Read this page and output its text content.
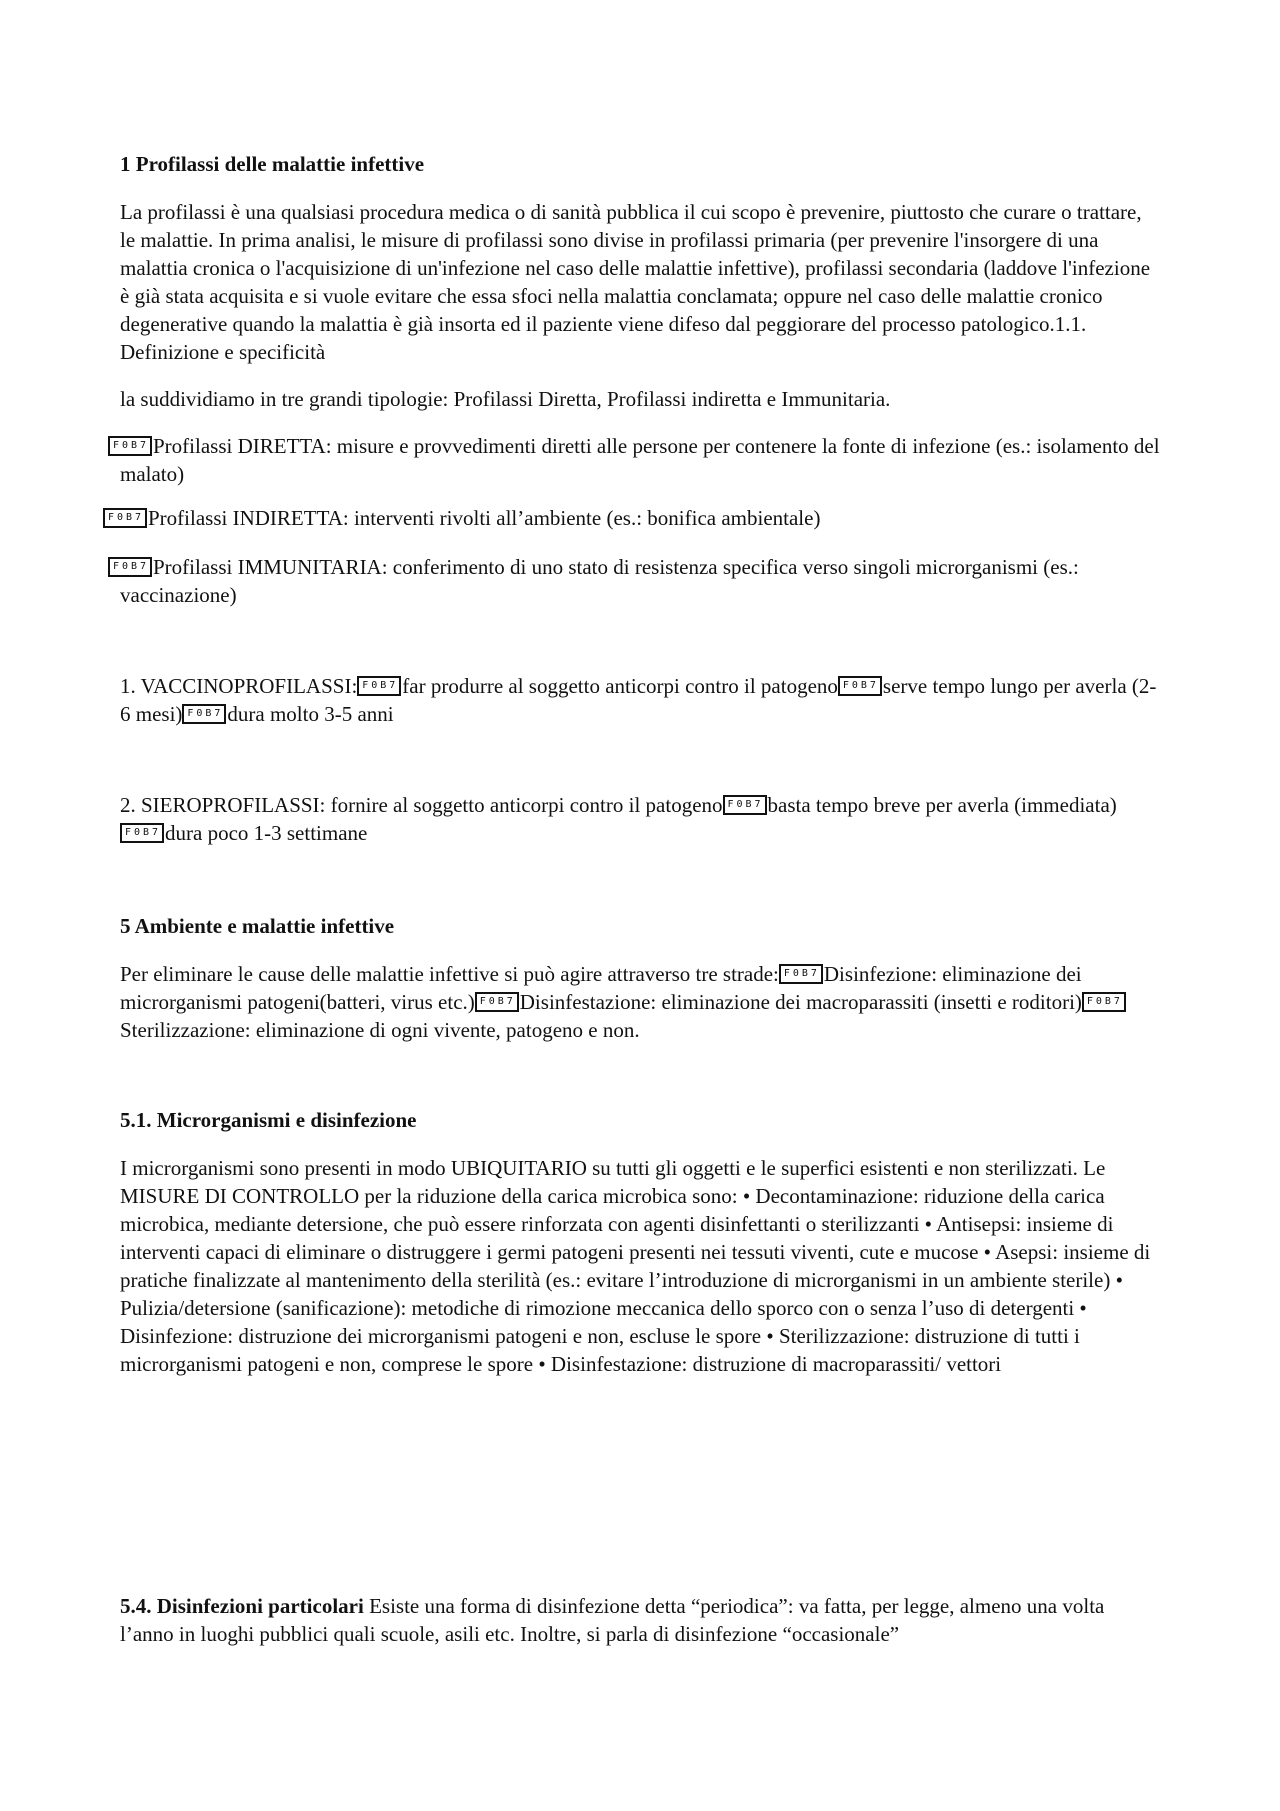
1 Profilassi delle malattie infettive

La profilassi è una qualsiasi procedura medica o di sanità pubblica il cui scopo è prevenire, piuttosto che curare o trattare, le malattie. In prima analisi, le misure di profilassi sono divise in profilassi primaria (per prevenire l'insorgere di una malattia cronica o l'acquisizione di un'infezione nel caso delle malattie infettive), profilassi secondaria (laddove l'infezione è già stata acquisita e si vuole evitare che essa sfoci nella malattia conclamata; oppure nel caso delle malattie cronico degenerative quando la malattia è già insorta ed il paziente viene difeso dal peggiorare del processo patologico.1.1. Definizione e specificità

la suddividiamo in tre grandi tipologie: Profilassi Diretta, Profilassi indiretta e Immunitaria.

F0B7 Profilassi DIRETTA: misure e provvedimenti diretti alle persone per contenere la fonte di infezione (es.: isolamento del malato)

F0B7 Profilassi INDIRETTA: interventi rivolti all’ambiente (es.: bonifica ambientale)

F0B7 Profilassi IMMUNITARIA: conferimento di uno stato di resistenza specifica verso singoli microrganismi (es.: vaccinazione)

1. VACCINOPROFILASSI: F0B7 far produrre al soggetto anticorpi contro il patogeno F0B7 serve tempo lungo per averla (2-6 mesi) F0B7 dura molto 3-5 anni

2. SIEROPROFILASSI: fornire al soggetto anticorpi contro il patogeno F0B7 basta tempo breve per averla (immediata)F0B7 dura poco 1-3 settimane

5 Ambiente e malattie infettive

Per eliminare le cause delle malattie infettive si può agire attraverso tre strade: F0B7 Disinfezione: eliminazione dei microrganismi patogeni(batteri, virus etc.) F0B7 Disinfestazione: eliminazione dei macroparassiti (insetti e roditori) F0B7Sterilizzazione: eliminazione di ogni vivente, patogeno e non.

5.1. Microrganismi e disinfezione

I microrganismi sono presenti in modo UBIQUITARIO su tutti gli oggetti e le superfici esistenti e non sterilizzati. Le MISURE DI CONTROLLO per la riduzione della carica microbica sono: • Decontaminazione: riduzione della carica microbica, mediante detersione, che può essere rinforzata con agenti disinfettanti o sterilizzanti • Antisepsi: insieme di interventi capaci di eliminare o distruggere i germi patogeni presenti nei tessuti viventi, cute e mucose • Asepsi: insieme di pratiche finalizzate al mantenimento della sterilità (es.: evitare l’introduzione di microrganismi in un ambiente sterile) • Pulizia/detersione (sanificazione): metodiche di rimozione meccanica dello sporco con o senza l’uso di detergenti • Disinfezione: distruzione dei microrganismi patogeni e non, escluse le spore • Sterilizzazione: distruzione di tutti i microrganismi patogeni e non, comprese le spore • Disinfestazione: distruzione di macroparassiti/ vettori

5.4. Disinfezioni particolari Esiste una forma di disinfezione detta “periodica”: va fatta, per legge, almeno una volta l’anno in luoghi pubblici quali scuole, asili etc. Inoltre, si parla di disinfezione “occasionale”
